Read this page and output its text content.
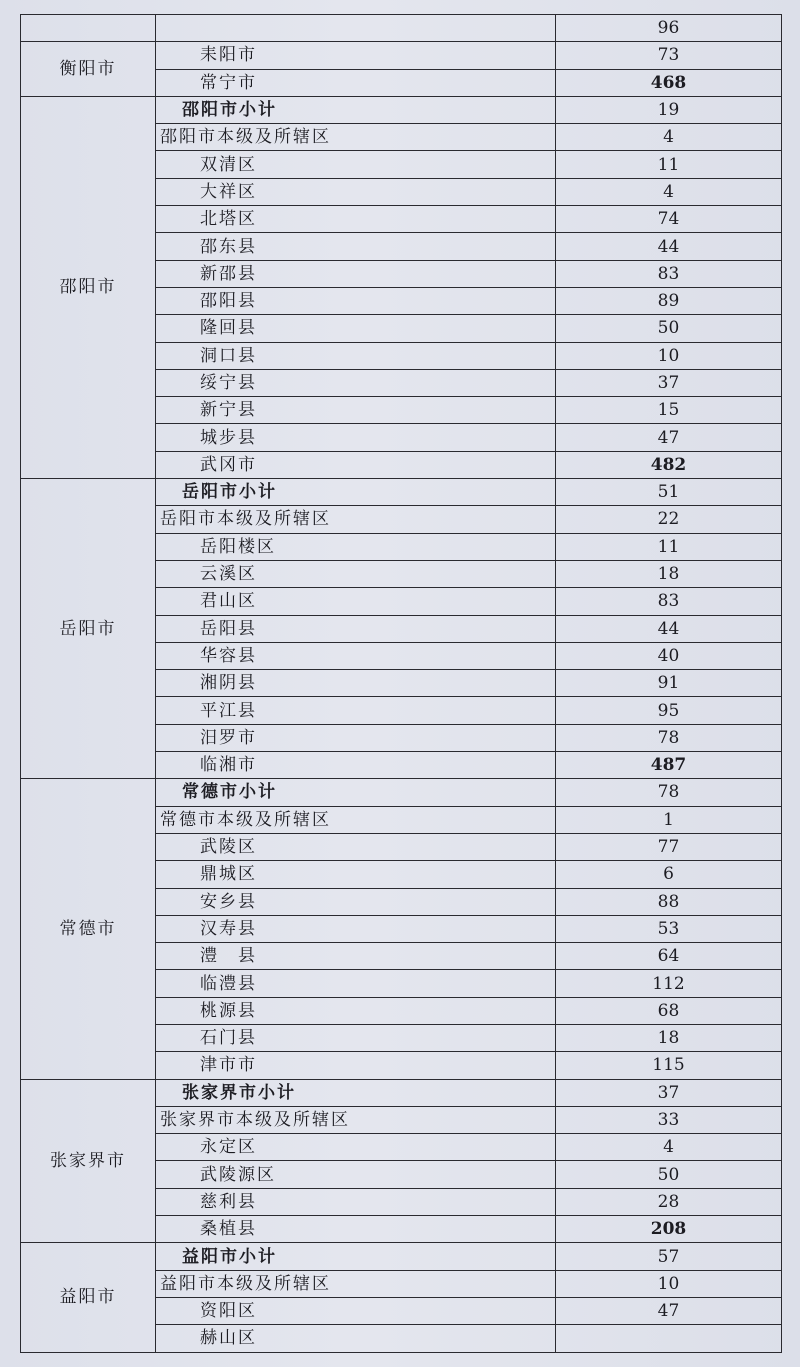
		96
衡阳市	耒阳市	73
	常宁市	468
邵阳市	邵阳市小计	19
	邵阳市本级及所辖区	4
	双清区	11
	大祥区	4
	北塔区	74
	邵东县	44
	新邵县	83
	邵阳县	89
	隆回县	50
	洞口县	10
	绥宁县	37
	新宁县	15
	城步县	47
	武冈市	482
岳阳市	岳阳市小计	51
	岳阳市本级及所辖区	22
	岳阳楼区	11
	云溪区	18
	君山区	83
	岳阳县	44
	华容县	40
	湘阴县	91
	平江县	95
	汨罗市	78
	临湘市	487
常德市	常德市小计	78
	常德市本级及所辖区	1
	武陵区	77
	鼎城区	6
	安乡县	88
	汉寿县	53
	澧　县	64
	临澧县	112
	桃源县	68
	石门县	18
	津市市	115
张家界市	张家界市小计	37
	张家界市本级及所辖区	33
	永定区	4
	武陵源区	50
	慈利县	28
	桑植县	208
益阳市	益阳市小计	57
	益阳市本级及所辖区	10
	资阳区	47
	赫山区	
